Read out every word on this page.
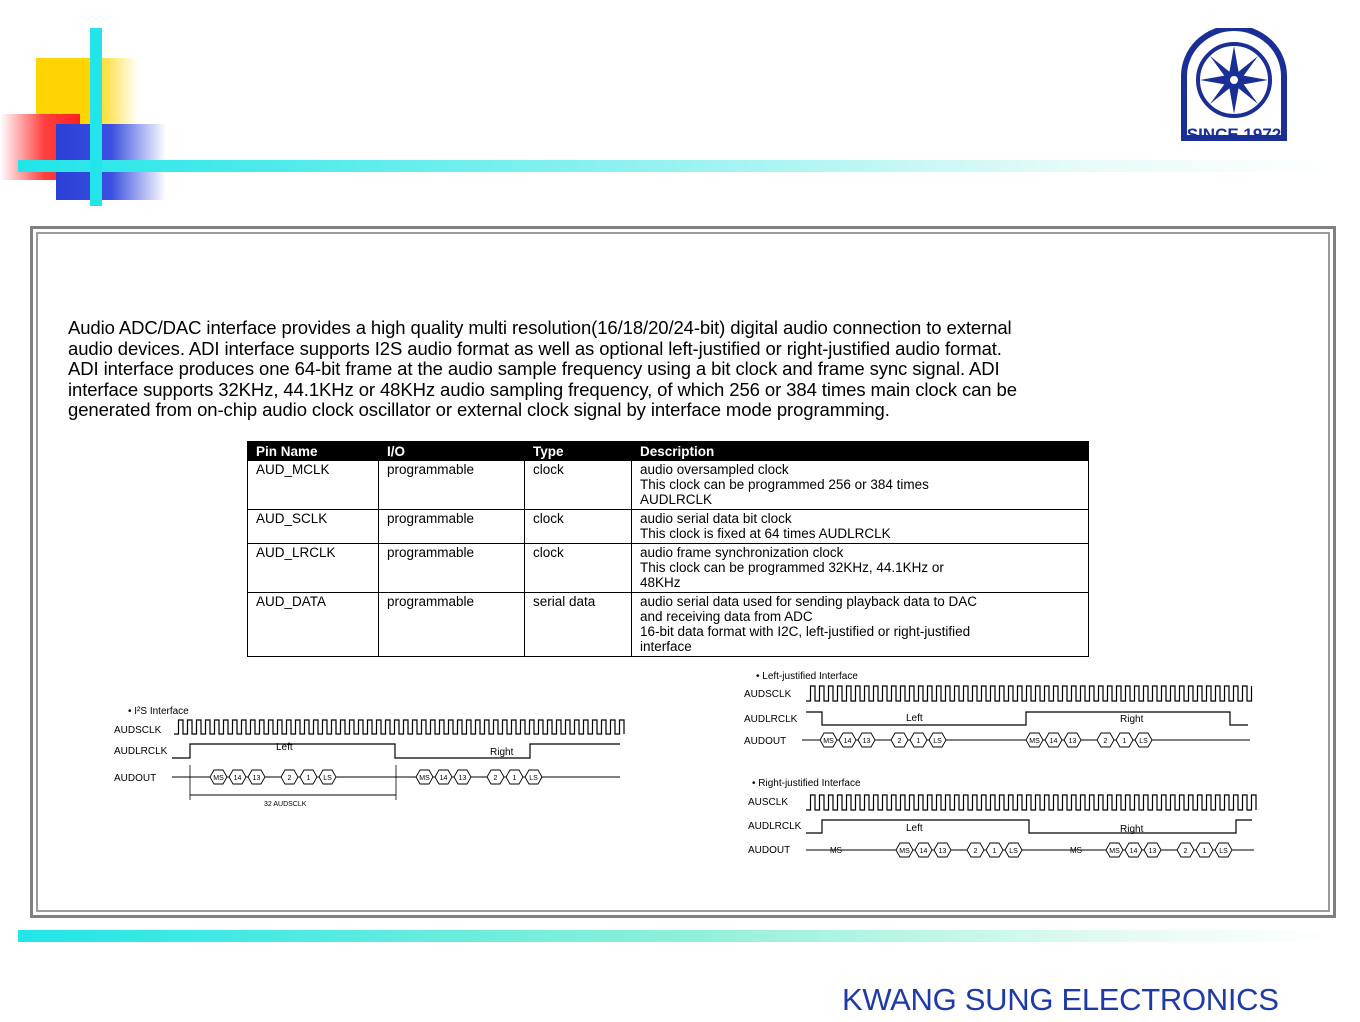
SINCE 1972
Audio ADC/DAC interface provides a high quality multi resolution(16/18/20/24-bit) digital audio connection to external
audio devices. ADI interface supports I2S audio format as well as optional left-justified or right-justified audio format.
ADI interface produces one 64-bit frame at the audio sample frequency using a bit clock and frame sync signal. ADI
interface supports 32KHz, 44.1KHz or 48KHz audio sampling frequency, of which 256 or 384 times main clock can be
generated from on-chip audio clock oscillator or external clock signal by interface mode programming.
Pin Name	I/O	Type	Description
AUD_MCLK	programmable	clock	audio oversampled clock
This clock can be programmed 256 or 384 times
AUDLRCLK

AUD_SCLK	programmable	clock	audio serial data bit clock
This clock is fixed at 64 times AUDLRCLK

AUD_LRCLK	programmable	clock	audio frame synchronization clock
This clock can be programmed 32KHz, 44.1KHz or
48KHz

AUD_DATA	programmable	serial data	audio serial data used for sending playback data to DAC
and receiving data from ADC
16-bit data format with I2C, left-justified or right-justified
interface
• I²S Interface
AUDSCLK
AUDLRCLK
AUDOUT
Left	Right
MS 14 13	2 1 LS	MS 14 13	2 1 LS
32 AUDSCLK
• Left-justified Interface
AUDSCLK
AUDLRCLK
AUDOUT
Left	Right
MS 14 13	2 1 LS	MS 14 13	2 1 LS
• Right-justified Interface
AUSCLK
AUDLRCLK
AUDOUT
Left	Right
MS	MS
MS 14 13	2 1 LS	MS 14 13	2 1 LS
KWANG SUNG ELECTRONICS
